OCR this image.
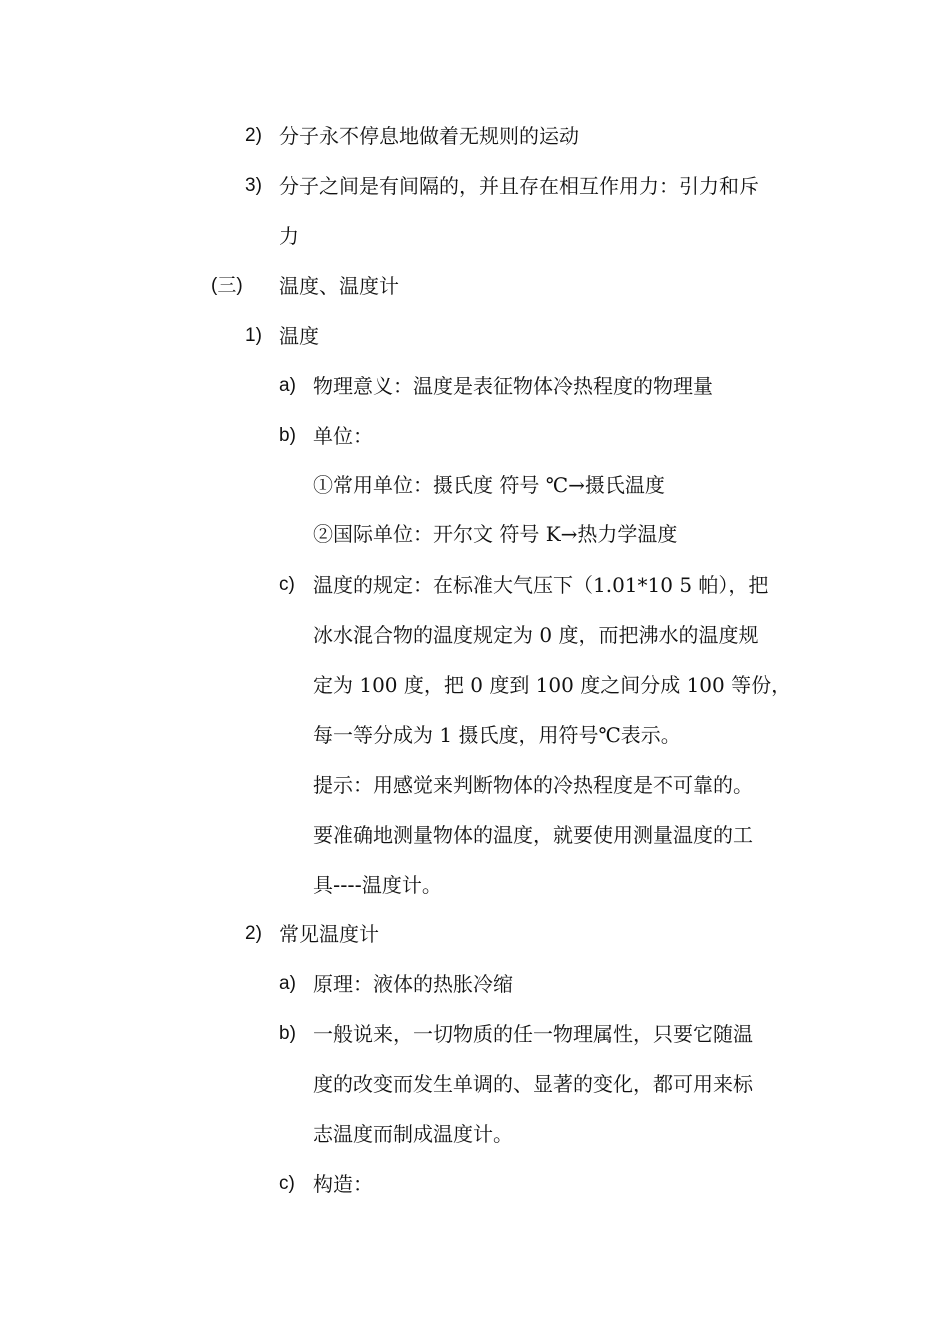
2) 分子永不停息地做着无规则的运动
3) 分子之间是有间隔的，并且存在相互作用力：引力和斥
力
(三) 温度、温度计
1) 温度
a) 物理意义：温度是表征物体冷热程度的物理量
b) 单位：
①常用单位：摄氏度 符号 ℃→摄氏温度
②国际单位：开尔文 符号 K→热力学温度
c) 温度的规定：在标准大气压下（1.01*10 5 帕），把
冰水混合物的温度规定为 0 度，而把沸水的温度规
定为 100 度，把 0 度到 100 度之间分成 100 等份，
每一等分成为 1 摄氏度，用符号℃表示。
提示：用感觉来判断物体的冷热程度是不可靠的。
要准确地测量物体的温度，就要使用测量温度的工
具----温度计。
2) 常见温度计
a) 原理：液体的热胀冷缩
b) 一般说来，一切物质的任一物理属性，只要它随温
度的改变而发生单调的、显著的变化，都可用来标
志温度而制成温度计。
c) 构造：
